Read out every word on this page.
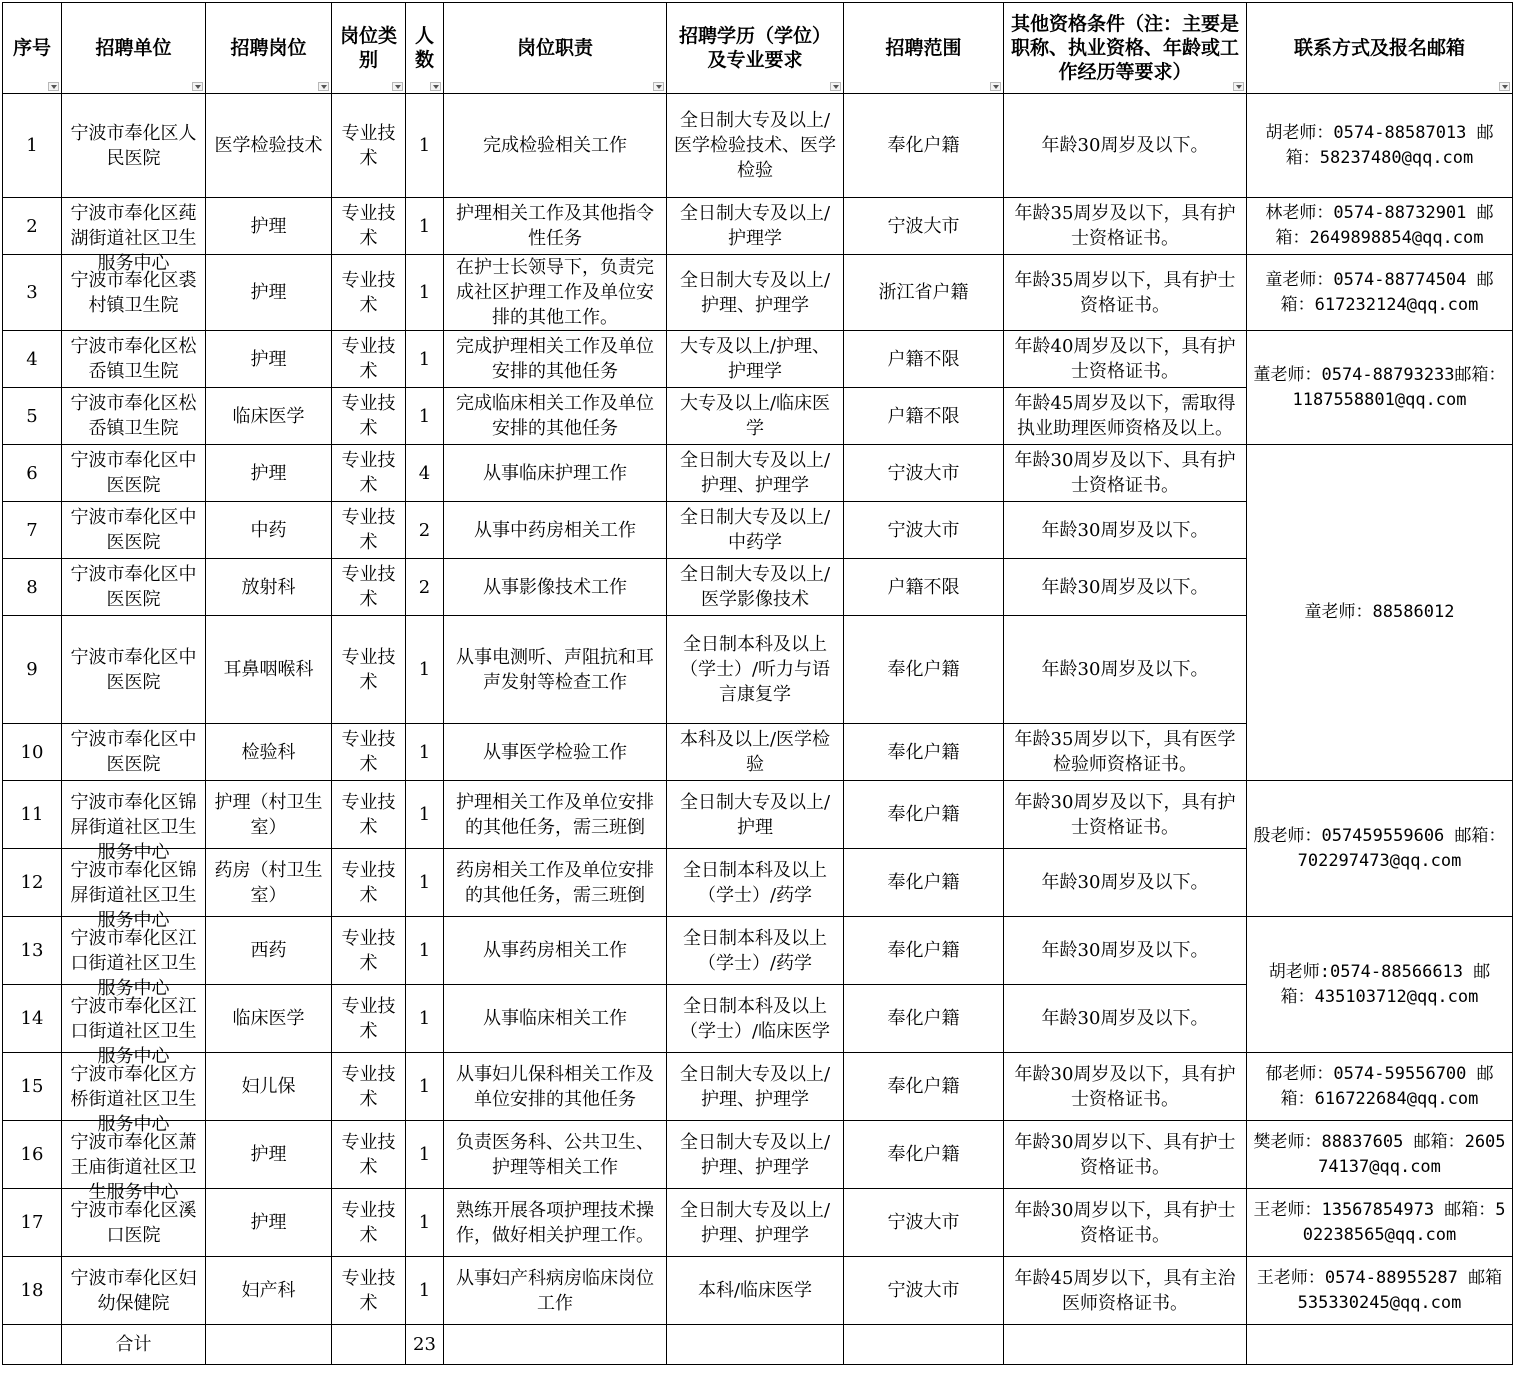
序号	招聘单位	招聘岗位	岗位类别	人数	岗位职责	招聘学历（学位）及专业要求	招聘范围	其他资格条件（注：主要是职称、执业资格、年龄或工作经历等要求）	联系方式及报名邮箱

1	宁波市奉化区人民医院	医学检验技术	专业技术	1	完成检验相关工作	全日制大专及以上/医学检验技术、医学检验	奉化户籍	年龄30周岁及以下。	胡老师：0574-88587013 邮箱：58237480@qq.com
2	宁波市奉化区莼湖街道社区卫生服务中心	护理	专业技术	1	护理相关工作及其他指令性任务	全日制大专及以上/护理学	宁波大市	年龄35周岁及以下，具有护士资格证书。	林老师：0574-88732901 邮箱：2649898854@qq.com
3	宁波市奉化区裘村镇卫生院	护理	专业技术	1	在护士长领导下，负责完成社区护理工作及单位安排的其他工作。	全日制大专及以上/护理、护理学	浙江省户籍	年龄35周岁以下，具有护士资格证书。	童老师：0574-88774504 邮箱：617232124@qq.com
4	宁波市奉化区松岙镇卫生院	护理	专业技术	1	完成护理相关工作及单位安排的其他任务	大专及以上/护理、护理学	户籍不限	年龄40周岁及以下，具有护士资格证书。	董老师：0574-88793233邮箱：1187558801@qq.com
5	宁波市奉化区松岙镇卫生院	临床医学	专业技术	1	完成临床相关工作及单位安排的其他任务	大专及以上/临床医学	户籍不限	年龄45周岁及以下，需取得执业助理医师资格及以上。	
6	宁波市奉化区中医医院	护理	专业技术	4	从事临床护理工作	全日制大专及以上/护理、护理学	宁波大市	年龄30周岁及以下、具有护士资格证书。	童老师：88586012
7	宁波市奉化区中医医院	中药	专业技术	2	从事中药房相关工作	全日制大专及以上/中药学	宁波大市	年龄30周岁及以下。	
8	宁波市奉化区中医医院	放射科	专业技术	2	从事影像技术工作	全日制大专及以上/医学影像技术	户籍不限	年龄30周岁及以下。	
9	宁波市奉化区中医医院	耳鼻咽喉科	专业技术	1	从事电测听、声阻抗和耳声发射等检查工作	全日制本科及以上（学士）/听力与语言康复学	奉化户籍	年龄30周岁及以下。	
10	宁波市奉化区中医医院	检验科	专业技术	1	从事医学检验工作	本科及以上/医学检验	奉化户籍	年龄35周岁以下，具有医学检验师资格证书。	
11	宁波市奉化区锦屏街道社区卫生服务中心	护理（村卫生室）	专业技术	1	护理相关工作及单位安排的其他任务，需三班倒	全日制大专及以上/护理	奉化户籍	年龄30周岁及以下，具有护士资格证书。	殷老师：057459559606 邮箱：702297473@qq.com
12	宁波市奉化区锦屏街道社区卫生服务中心	药房（村卫生室）	专业技术	1	药房相关工作及单位安排的其他任务，需三班倒	全日制本科及以上（学士）/药学	奉化户籍	年龄30周岁及以下。	
13	宁波市奉化区江口街道社区卫生服务中心	西药	专业技术	1	从事药房相关工作	全日制本科及以上（学士）/药学	奉化户籍	年龄30周岁及以下。	胡老师:0574-88566613 邮箱：435103712@qq.com
14	宁波市奉化区江口街道社区卫生服务中心	临床医学	专业技术	1	从事临床相关工作	全日制本科及以上（学士）/临床医学	奉化户籍	年龄30周岁及以下。	
15	宁波市奉化区方桥街道社区卫生服务中心	妇儿保	专业技术	1	从事妇儿保科相关工作及单位安排的其他任务	全日制大专及以上/护理、护理学	奉化户籍	年龄30周岁及以下，具有护士资格证书。	郁老师：0574-59556700 邮箱：616722684@qq.com
16	宁波市奉化区萧王庙街道社区卫生服务中心	护理	专业技术	1	负责医务科、公共卫生、护理等相关工作	全日制大专及以上/护理、护理学	奉化户籍	年龄30周岁以下、具有护士资格证书。	樊老师：88837605 邮箱：260574137@qq.com
17	宁波市奉化区溪口医院	护理	专业技术	1	熟练开展各项护理技术操作，做好相关护理工作。	全日制大专及以上/护理、护理学	宁波大市	年龄30周岁以下，具有护士资格证书。	王老师：13567854973 邮箱：502238565@qq.com
18	宁波市奉化区妇幼保健院	妇产科	专业技术	1	从事妇产科病房临床岗位工作	本科/临床医学	宁波大市	年龄45周岁以下，具有主治医师资格证书。	王老师：0574-88955287 邮箱535330245@qq.com
	合计			23					
